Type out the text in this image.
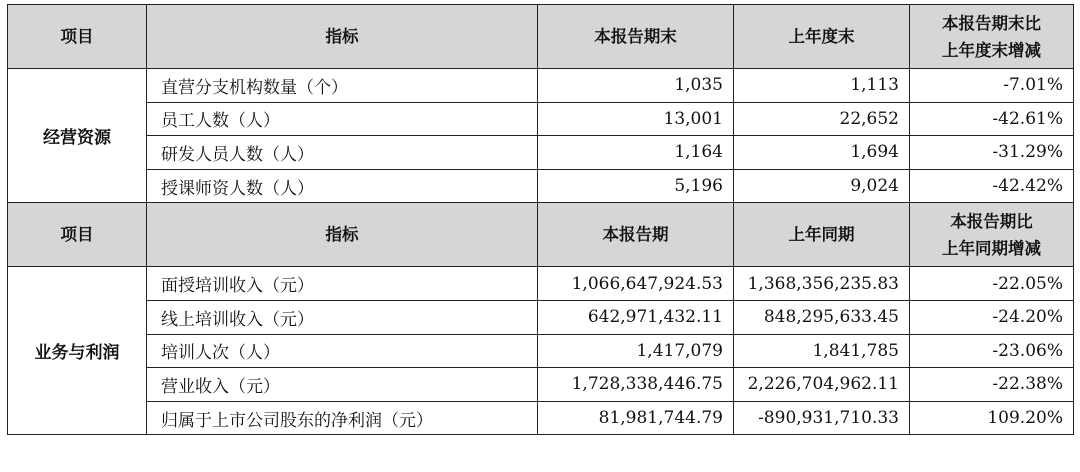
项目	指标	本报告期末	上年度末	本报告期末比
上年度末增减

经营资源	直营分支机构数量（个）	1,035	1,113	-7.01%
	员工人数（人）	13,001	22,652	-42.61%
	研发人员人数（人）	1,164	1,694	-31.29%
	授课师资人数（人）	5,196	9,024	-42.42%
项目	指标	本报告期	上年同期	本报告期比
上年同期增减

业务与利润	面授培训收入（元）	1,066,647,924.53	1,368,356,235.83	-22.05%
	线上培训收入（元）	642,971,432.11	848,295,633.45	-24.20%
	培训人次（人）	1,417,079	1,841,785	-23.06%
	营业收入（元）	1,728,338,446.75	2,226,704,962.11	-22.38%
	归属于上市公司股东的净利润（元）	81,981,744.79	-890,931,710.33	109.20%
